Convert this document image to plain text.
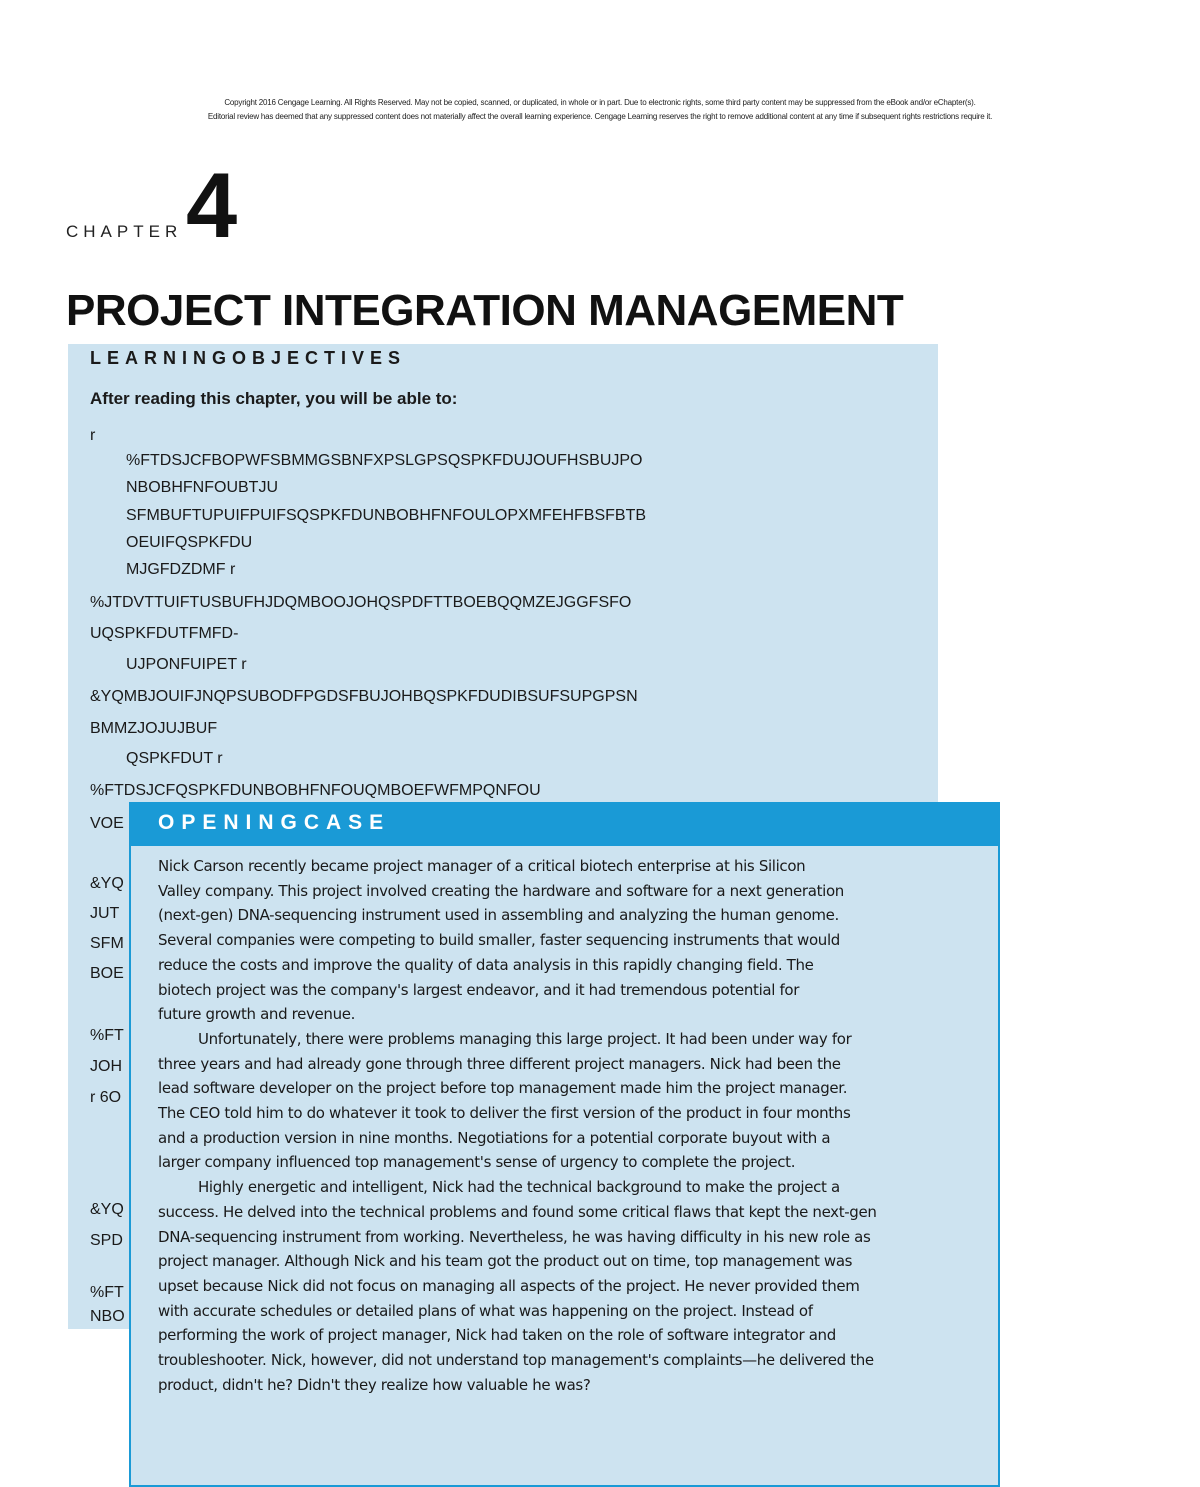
Copyright 2016 Cengage Learning. All Rights Reserved. May not be copied, scanned, or duplicated, in whole or in part. Due to electronic rights, some third party content may be suppressed from the eBook and/or eChapter(s).
Editorial review has deemed that any suppressed content does not materially affect the overall learning experience. Cengage Learning reserves the right to remove additional content at any time if subsequent rights restrictions require it.
CHAPTER 4
PROJECT INTEGRATION MANAGEMENT
LEARNINGOBJECTIVES
After reading this chapter, you will be able to:
r
%FTDSJCFBOPWFSBMMGSBNFXPSLGPSQSPKFDUJOUFHSBUJPO
NBOBHFNFOUBTJU
SFMBUFTUPUIFPUIFSQSPKFDUNBOBHFNFOULOPXMFEHFBSFBTB
OEUIFQSPKFDU
MJGFDZDMF r
%JTDVTTUIFTUSBUFHJDQMBOOJOHQSPDFTTBOEBQQMZEJGGFSFO
UQSPKFDUTFMFD-
UJPONFUIPET r
&YQMBJOUIFJNQPSUBODFPGDSFBUJOHBQSPKFDUDIBSUFSUPGPSN
BMMZJOJUJBUF
QSPKFDUT r
%FTDSJCFQSPKFDUNBOBHFNFOUQMBOEFWFMPQNFOU
VOE
&YQ
JUT
SFM
BOE
%FT
JOH
r 6O
&YQ
SPD
%FT
NBO
OPENINGCASE
Nick Carson recently became project manager of a critical biotech enterprise at his Silicon
Valley company. This project involved creating the hardware and software for a next generation
(next-gen) DNA-sequencing instrument used in assembling and analyzing the human genome.
Several companies were competing to build smaller, faster sequencing instruments that would
reduce the costs and improve the quality of data analysis in this rapidly changing field. The
biotech project was the company's largest endeavor, and it had tremendous potential for
future growth and revenue.
Unfortunately, there were problems managing this large project. It had been under way for
three years and had already gone through three different project managers. Nick had been the
lead software developer on the project before top management made him the project manager.
The CEO told him to do whatever it took to deliver the first version of the product in four months
and a production version in nine months. Negotiations for a potential corporate buyout with a
larger company influenced top management's sense of urgency to complete the project.
Highly energetic and intelligent, Nick had the technical background to make the project a
success. He delved into the technical problems and found some critical flaws that kept the next-gen
DNA-sequencing instrument from working. Nevertheless, he was having difficulty in his new role as
project manager. Although Nick and his team got the product out on time, top management was
upset because Nick did not focus on managing all aspects of the project. He never provided them
with accurate schedules or detailed plans of what was happening on the project. Instead of
performing the work of project manager, Nick had taken on the role of software integrator and
troubleshooter. Nick, however, did not understand top management's complaints—he delivered the
product, didn't he? Didn't they realize how valuable he was?
